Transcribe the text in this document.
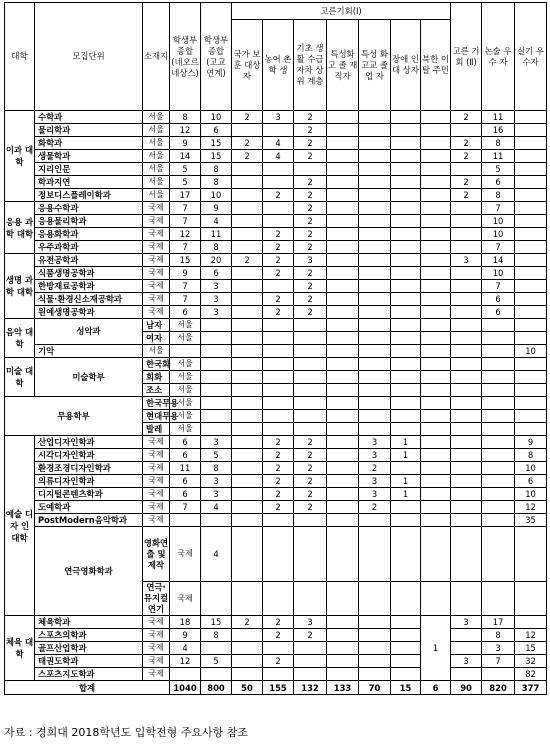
대학	모집단위	소재지	학생부 종합 (네오르 네상스)	학생부 종합 (고교 연계)	고른기회(Ⅰ)							고른 기회 (Ⅱ)	논술 우수 자	실기 우수자	
					국가 보훈 대상자	농어 촌학 생	기초 생활 수급 자차 상위 계층	특성화고 졸 재직자	특성 화 고교 졸업 자	장애 인대 상자	북한 이탈 주민				
이과 대학	수학과	서울	8	10	2	3	2					2	11		
	물리학과	서울	12	6			2						16		
	화학과	서울	9	15	2	4	2					2	8		
	생물학과	서울	14	15	2	4	2					2	11		
	지리인문	서울	5	8									5		
	학과지연	서울	5	8			2					2	6		
	정보디스플레이학과	서울	17	10		2	2					2	8		
응용 과학 대학	응용수학과	국제	7	9			2						7		
	응용물리학과	국제	7	4			2						10		
	응용화학과	국제	12	11		2	2						10		
	우주과학과	국제	7	8		2	2						7		
생명 과학 대학	유전공학과	국제	15	20	2	2	3					3	14		
	식품생명공학과	국제	9	6		2	2						10		
	한방재료공학과	국제	7	3			2						7		
	식물·환경신소재공학과	국제	7	3		2	2						6		
	원예생명공학과	국제	6	3		2	2						6		
음악 대학	성악과	남자	서울												
		여자	서울												
	기악	서울												10	
미술 대학	미술학부	한국화	서울												
		회화	서울												
		조소	서울												
무용학부		한국무용	서울												
		현대무용	서울												
		발레	서울												
예술 디자 인 대학	산업디자인학과	국제	6	3		2	2		3	1				9	
	시각디자인학과	국제	6	5		2	2		3	1				8	
	환경조경디자인학과	국제	11	8		2	2		2					10	
	의류디자인학과	국제	6	3		2	2		3	1				6	
	디지털콘텐츠학과	국제	6	3		2	2		3	1				10	
	도예학과	국제	7	4		2	2		2					12	
	PostModern음악학과	국제												35	
	연극영화학과	영화연출 및 제작	국제	4											
		연극·뮤지컬 연기	국제												
체육 대학	체육학과	국제	18	15	2	2	3				1	3	17		
	스포츠의학과	국제	9	8		2	2						8	12	
	골프산업학과	국제	4										3	15	
	태권도학과	국제	12	5		2						3	7	32	
	스포츠지도학과	국제												82	
합계			1040	800	50	155	132	133	70	15	6	90	820	377	
자료 : 경희대 2018학년도 입학전형 주요사항 참조
